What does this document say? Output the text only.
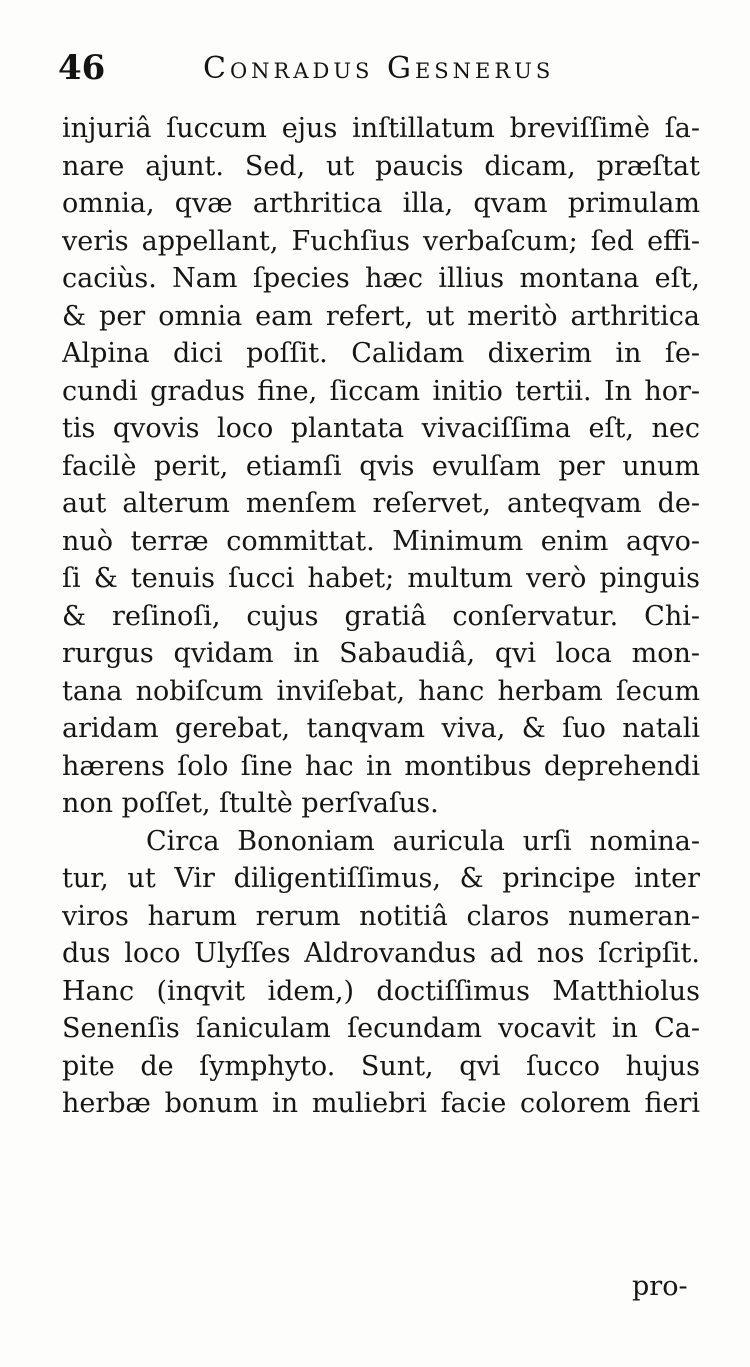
46	Conradus Gesnerus
injuriâ ſuccum ejus inſtillatum breviſſimè ſa-
nare ajunt. Sed, ut paucis dicam, præſtat
omnia, qvæ arthritica illa, qvam primulam
veris appellant, Fuchſius verbaſcum; ſed effi-
caciùs. Nam ſpecies hæc illius montana eſt,
& per omnia eam refert, ut meritò arthritica
Alpina dici poſſit. Calidam dixerim in ſe-
cundi gradus fine, ſiccam initio tertii. In hor-
tis qvovis loco plantata vivaciſſima eſt, nec
facilè perit, etiamſi qvis evulſam per unum
aut alterum menſem reſervet, anteqvam de-
nuò terræ committat. Minimum enim aqvo-
ſi & tenuis ſucci habet; multum verò pinguis
& reſinoſi, cujus gratiâ conſervatur. Chi-
rurgus qvidam in Sabaudiâ, qvi loca mon-
tana nobiſcum inviſebat, hanc herbam ſecum
aridam gerebat, tanqvam viva, & ſuo natali
hærens ſolo ſine hac in montibus deprehendi
non poſſet, ſtultè perſvaſus.
Circa Bononiam auricula urſi nomina-
tur, ut Vir diligentiſſimus, & principe inter
viros harum rerum notitiâ claros numeran-
dus loco Ulyſſes Aldrovandus ad nos ſcripſit.
Hanc (inqvit idem,) doctiſſimus Matthiolus
Senenſis ſaniculam ſecundam vocavit in Ca-
pite de ſymphyto. Sunt, qvi ſucco hujus
herbæ bonum in muliebri facie colorem fieri
pro-
